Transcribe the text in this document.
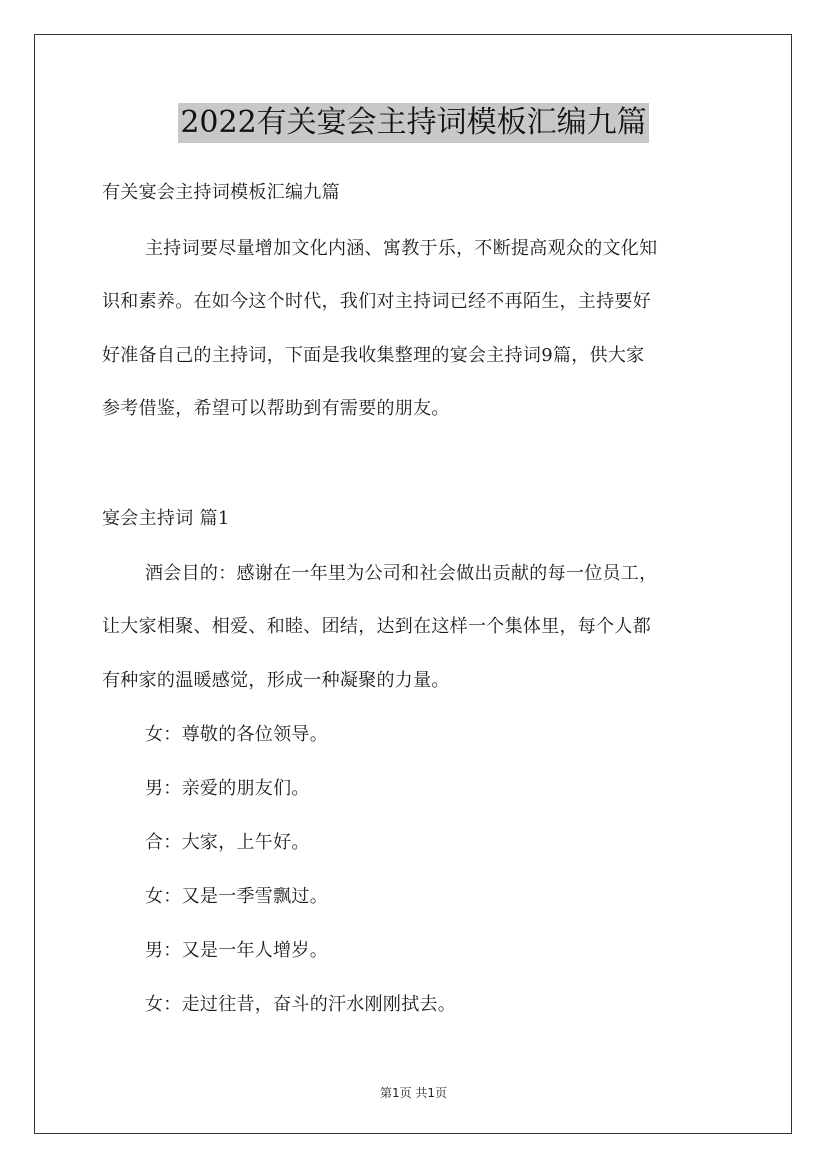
2022有关宴会主持词模板汇编九篇
有关宴会主持词模板汇编九篇
主持词要尽量增加文化内涵、寓教于乐，不断提高观众的文化知
识和素养。在如今这个时代，我们对主持词已经不再陌生，主持要好
好准备自己的主持词，下面是我收集整理的宴会主持词9篇，供大家
参考借鉴，希望可以帮助到有需要的朋友。
宴会主持词 篇1
酒会目的：感谢在一年里为公司和社会做出贡献的每一位员工，
让大家相聚、相爱、和睦、团结，达到在这样一个集体里，每个人都
有种家的温暖感觉，形成一种凝聚的力量。
女：尊敬的各位领导。
男：亲爱的朋友们。
合：大家，上午好。
女：又是一季雪飘过。
男：又是一年人增岁。
女：走过往昔，奋斗的汗水刚刚拭去。
第1页 共1页
